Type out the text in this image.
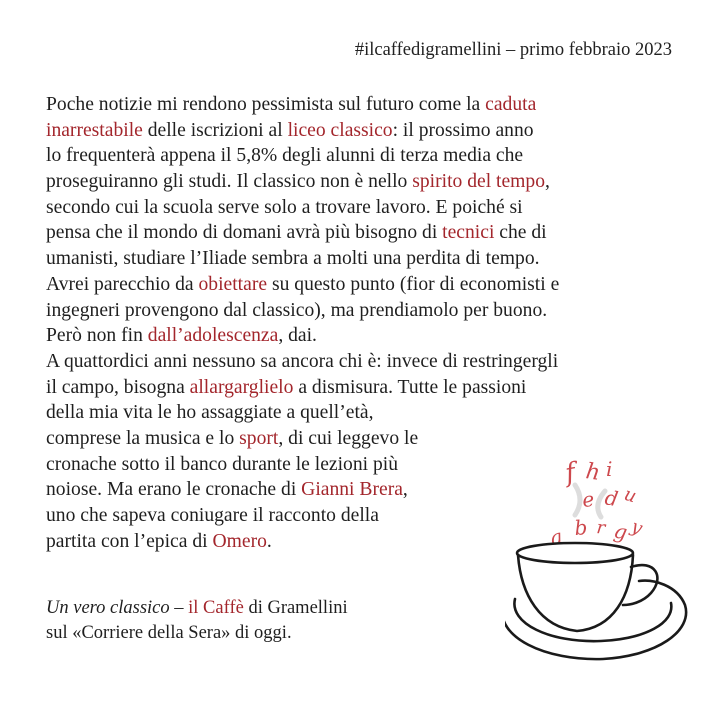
#ilcaffedigramellini – primo febbraio 2023
Poche notizie mi rendono pessimista sul futuro come la caduta
inarrestabile delle iscrizioni al liceo classico: il prossimo anno
lo frequenterà appena il 5,8% degli alunni di terza media che
proseguiranno gli studi. Il classico non è nello spirito del tempo,
secondo cui la scuola serve solo a trovare lavoro. E poiché si
pensa che il mondo di domani avrà più bisogno di tecnici che di
umanisti, studiare l’Iliade sembra a molti una perdita di tempo.
Avrei parecchio da obiettare su questo punto (fior di economisti e
ingegneri provengono dal classico), ma prendiamolo per buono.
Però non fin dall’adolescenza, dai.
A quattordici anni nessuno sa ancora chi è: invece di restringergli
il campo, bisogna allargarglielo a dismisura. Tutte le passioni
della mia vita le ho assaggiate a quell’età,
comprese la musica e lo sport, di cui leggevo le
cronache sotto il banco durante le lezioni più
noiose. Ma erano le cronache di Gianni Brera,
uno che sapeva coniugare il racconto della
partita con l’epica di Omero.
Un vero classico – il Caffè di Gramellini
sul «Corriere della Sera» di oggi.
f h i
e d u
a b r g
y
